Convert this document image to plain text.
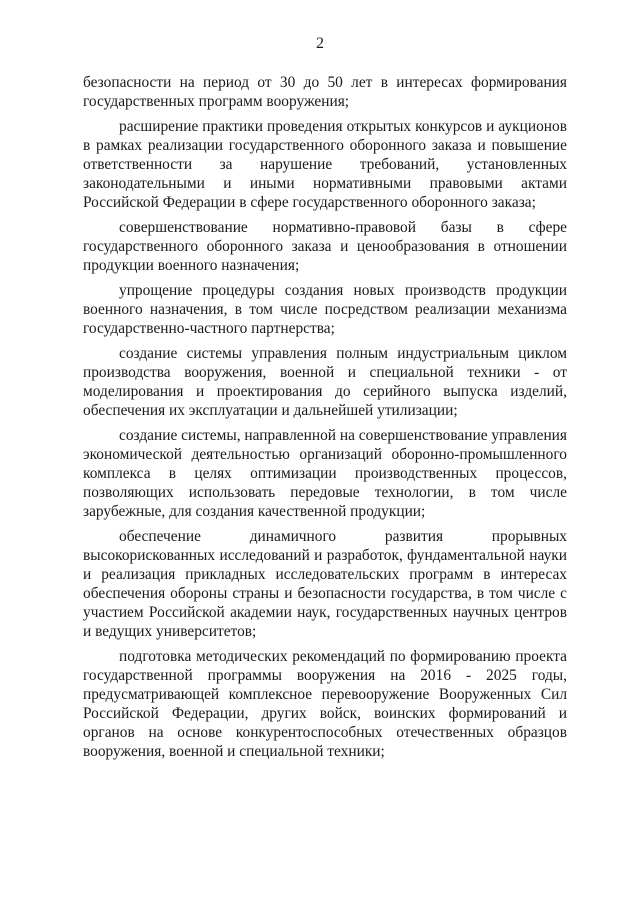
2

безопасности на период от 30 до 50 лет в интересах формирования государственных программ вооружения;

расширение практики проведения открытых конкурсов и аукционов в рамках реализации государственного оборонного заказа и повышение ответственности за нарушение требований, установленных законодательными и иными нормативными правовыми актами Российской Федерации в сфере государственного оборонного заказа;

совершенствование нормативно-правовой базы в сфере государственного оборонного заказа и ценообразования в отношении продукции военного назначения;

упрощение процедуры создания новых производств продукции военного назначения, в том числе посредством реализации механизма государственно-частного партнерства;

создание системы управления полным индустриальным циклом производства вооружения, военной и специальной техники - от моделирования и проектирования до серийного выпуска изделий, обеспечения их эксплуатации и дальнейшей утилизации;

создание системы, направленной на совершенствование управления экономической деятельностью организаций оборонно-промышленного комплекса в целях оптимизации производственных процессов, позволяющих использовать передовые технологии, в том числе зарубежные, для создания качественной продукции;

обеспечение динамичного развития прорывных высокорискованных исследований и разработок, фундаментальной науки и реализация прикладных исследовательских программ в интересах обеспечения обороны страны и безопасности государства, в том числе с участием Российской академии наук, государственных научных центров и ведущих университетов;

подготовка методических рекомендаций по формированию проекта государственной программы вооружения на 2016 - 2025 годы, предусматривающей комплексное перевооружение Вооруженных Сил Российской Федерации, других войск, воинских формирований и органов на основе конкурентоспособных отечественных образцов вооружения, военной и специальной техники;
